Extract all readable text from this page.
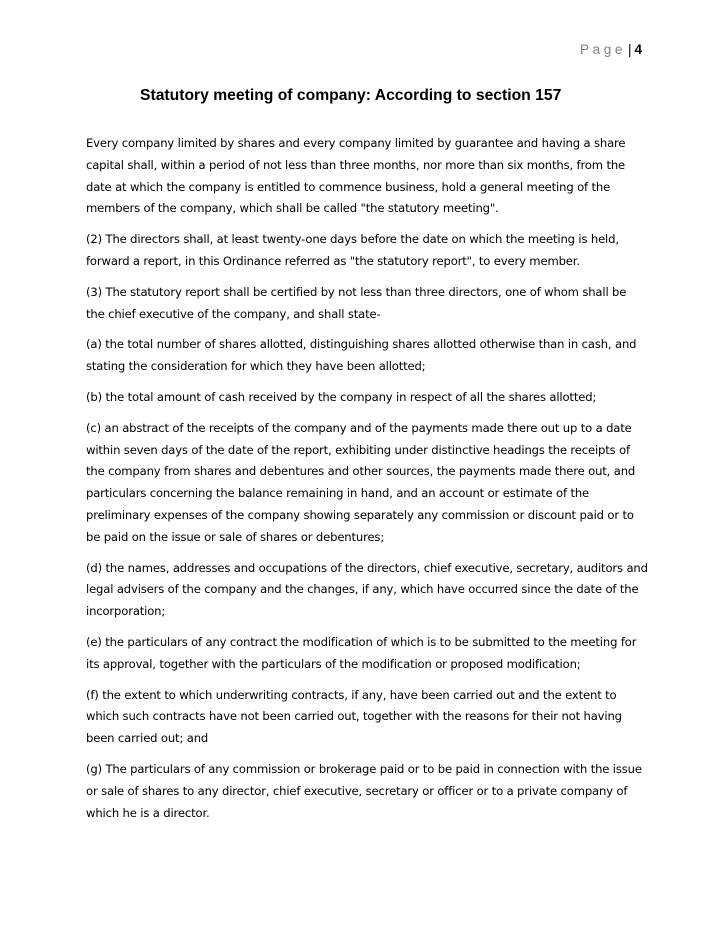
Page | 4
Statutory meeting of company: According to section 157

Every company limited by shares and every company limited by guarantee and having a share capital shall, within a period of not less than three months, nor more than six months, from the date at which the company is entitled to commence business, hold a general meeting of the members of the company, which shall be called "the statutory meeting".

(2) The directors shall, at least twenty-one days before the date on which the meeting is held, forward a report, in this Ordinance referred as "the statutory report", to every member.

(3) The statutory report shall be certified by not less than three directors, one of whom shall be the chief executive of the company, and shall state-

(a) the total number of shares allotted, distinguishing shares allotted otherwise than in cash, and stating the consideration for which they have been allotted;

(b) the total amount of cash received by the company in respect of all the shares allotted;

(c) an abstract of the receipts of the company and of the payments made there out up to a date within seven days of the date of the report, exhibiting under distinctive headings the receipts of the company from shares and debentures and other sources, the payments made there out, and particulars concerning the balance remaining in hand, and an account or estimate of the preliminary expenses of the company showing separately any commission or discount paid or to be paid on the issue or sale of shares or debentures;

(d) the names, addresses and occupations of the directors, chief executive, secretary, auditors and legal advisers of the company and the changes, if any, which have occurred since the date of the incorporation;

(e) the particulars of any contract the modification of which is to be submitted to the meeting for its approval, together with the particulars of the modification or proposed modification;

(f) the extent to which underwriting contracts, if any, have been carried out and the extent to which such contracts have not been carried out, together with the reasons for their not having been carried out; and

(g) The particulars of any commission or brokerage paid or to be paid in connection with the issue or sale of shares to any director, chief executive, secretary or officer or to a private company of which he is a director.
